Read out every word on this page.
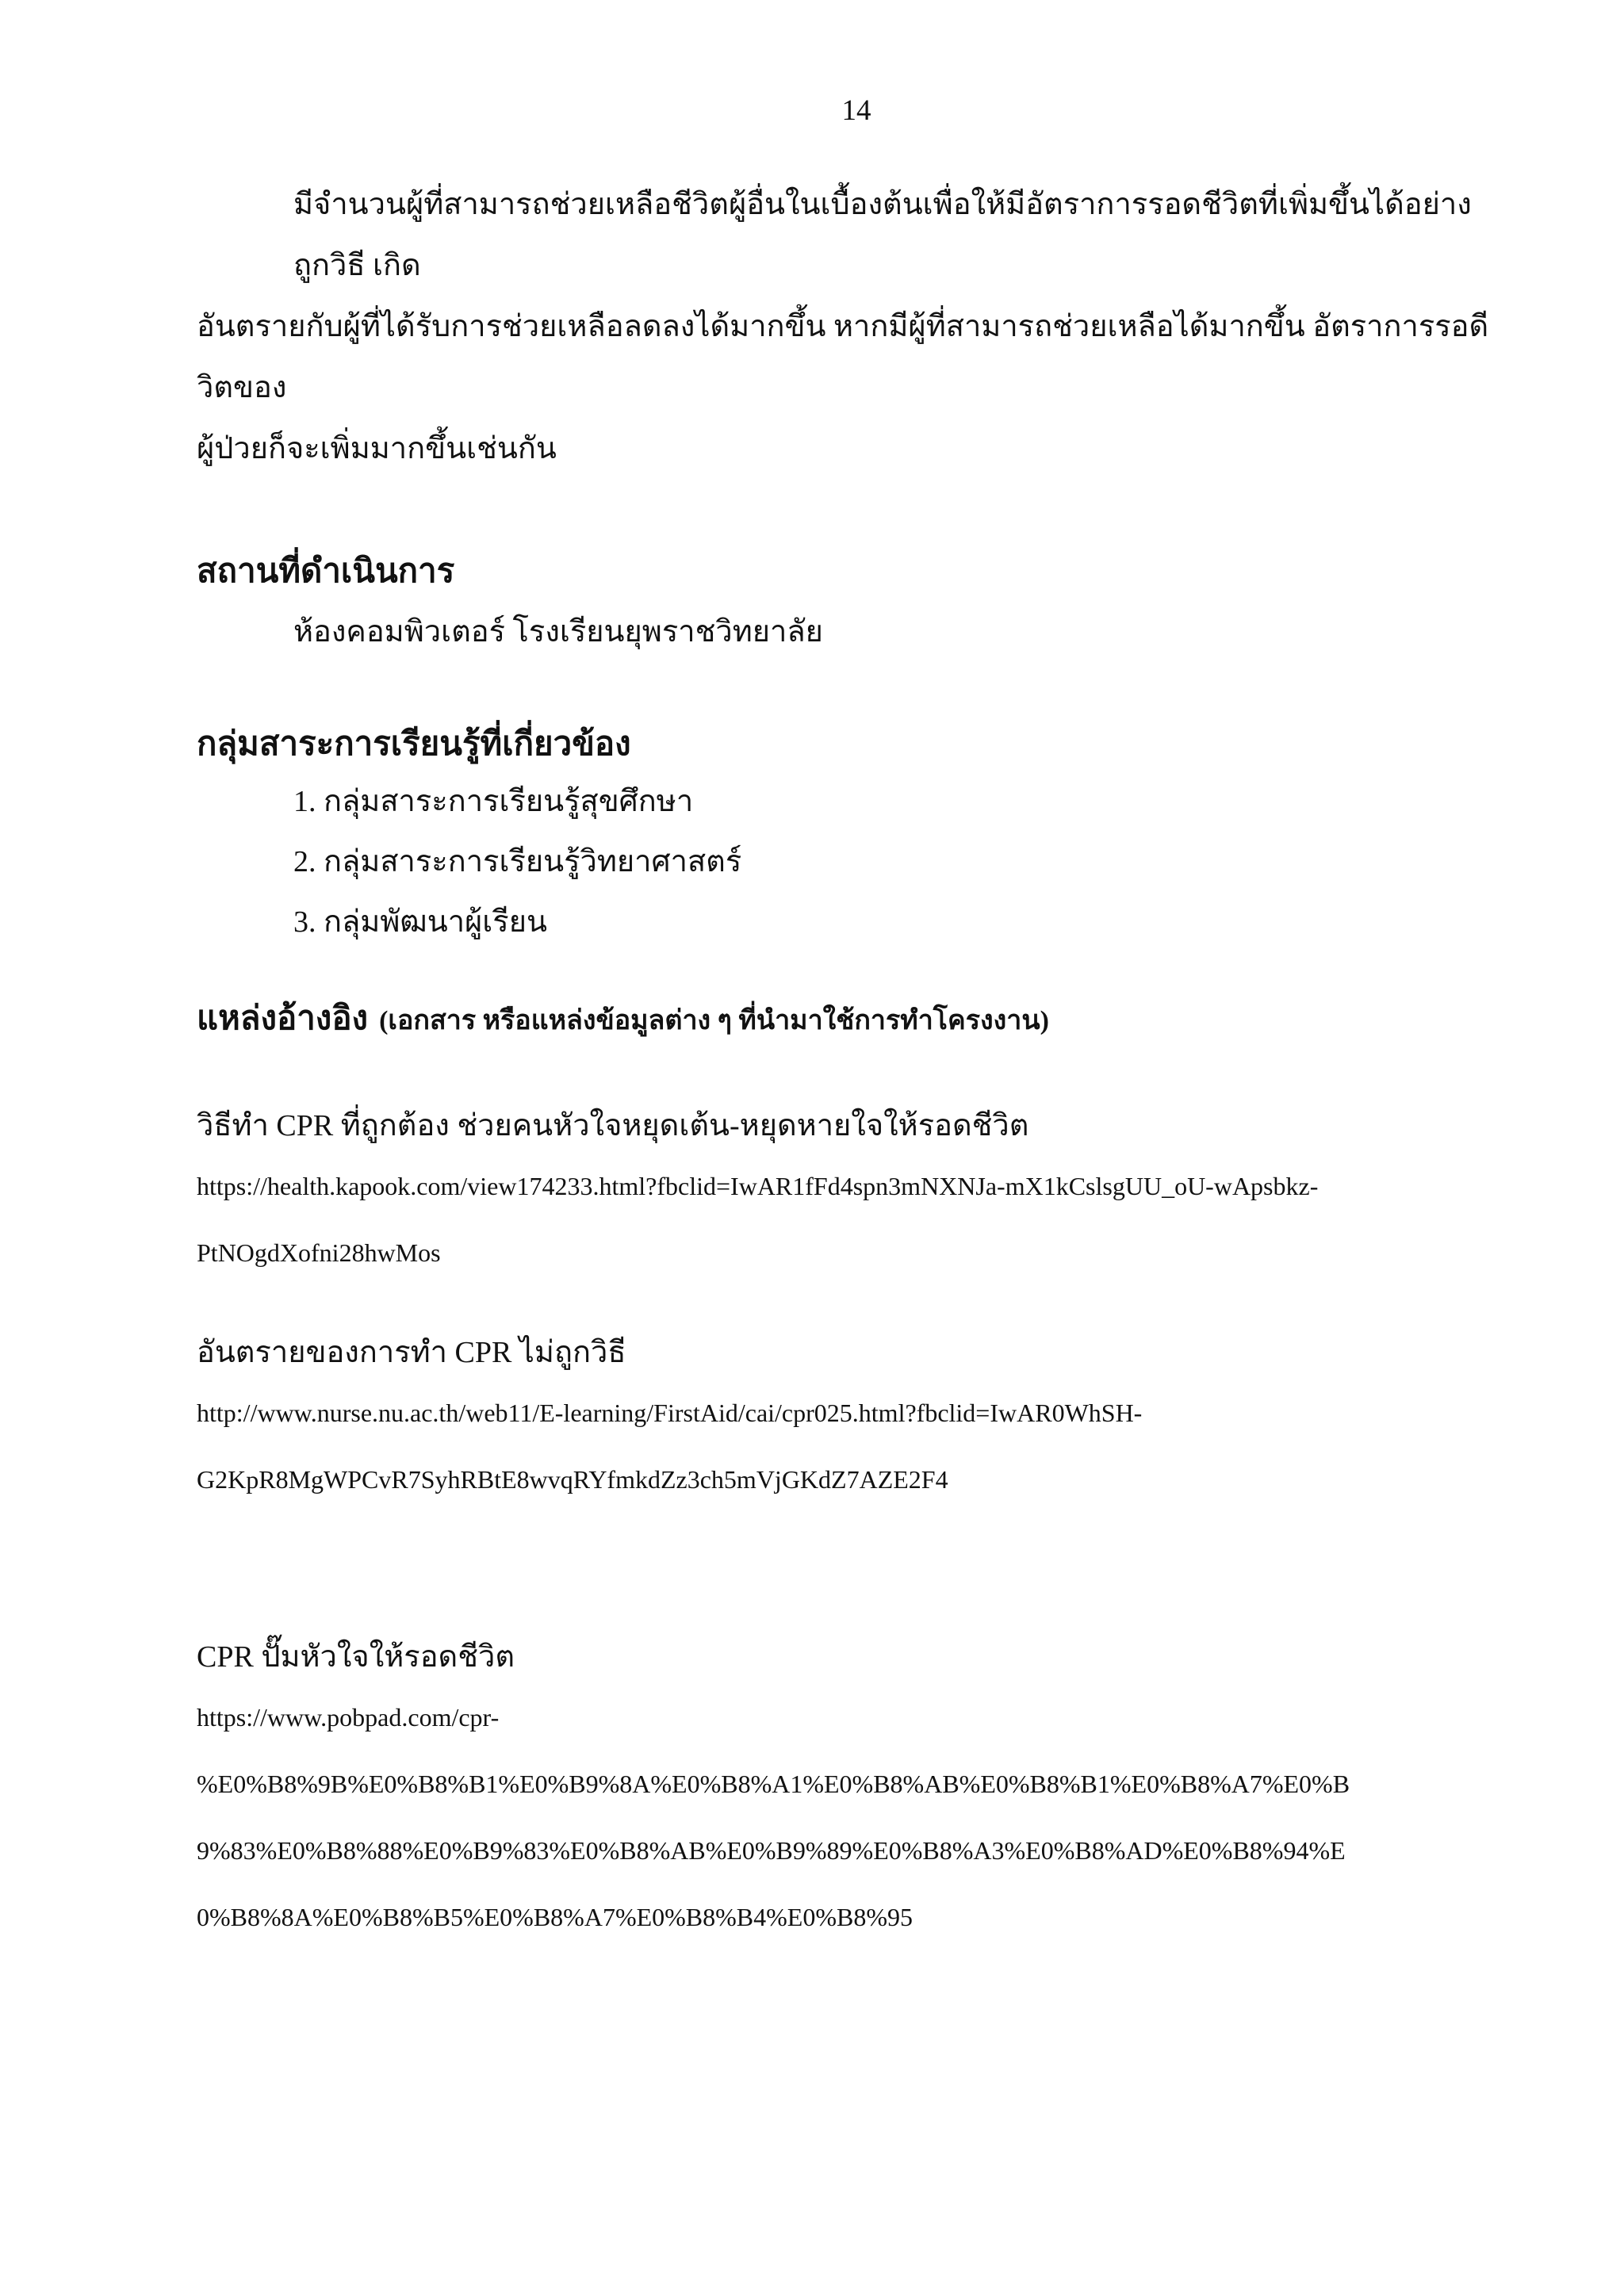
14

มีจำนวนผู้ที่สามารถช่วยเหลือชีวิตผู้อื่นในเบื้องต้นเพื่อให้มีอัตราการรอดชีวิตที่เพิ่มขึ้นได้อย่างถูกวิธี เกิด
อันตรายกับผู้ที่ได้รับการช่วยเหลือลดลงได้มากขึ้น หากมีผู้ที่สามารถช่วยเหลือได้มากขึ้น อัตราการรอดีวิตของ
ผู้ป่วยก็จะเพิ่มมากขึ้นเช่นกัน

สถานที่ดำเนินการ

ห้องคอมพิวเตอร์ โรงเรียนยุพราชวิทยาลัย

กลุ่มสาระการเรียนรู้ที่เกี่ยวข้อง
1. กลุ่มสาระการเรียนรู้สุขศึกษา
2. กลุ่มสาระการเรียนรู้วิทยาศาสตร์
3. กลุ่มพัฒนาผู้เรียน
แหล่งอ้างอิง (เอกสาร หรือแหล่งข้อมูลต่าง ๆ ที่นำมาใช้การทำโครงงาน)

วิธีทำ CPR ที่ถูกต้อง ช่วยคนหัวใจหยุดเต้น-หยุดหายใจให้รอดชีวิต

https://health.kapook.com/view174233.html?fbclid=IwAR1fFd4spn3mNXNJa-mX1kCslsgUU_oU-wApsbkz-
PtNOgdXofni28hwMos

อันตรายของการทำ CPR ไม่ถูกวิธี

http://www.nurse.nu.ac.th/web11/E-learning/FirstAid/cai/cpr025.html?fbclid=IwAR0WhSH-
G2KpR8MgWPCvR7SyhRBtE8wvqRYfmkdZz3ch5mVjGKdZ7AZE2F4

CPR ปั๊มหัวใจให้รอดชีวิต

https://www.pobpad.com/cpr-
%E0%B8%9B%E0%B8%B1%E0%B9%8A%E0%B8%A1%E0%B8%AB%E0%B8%B1%E0%B8%A7%E0%B
9%83%E0%B8%88%E0%B9%83%E0%B8%AB%E0%B9%89%E0%B8%A3%E0%B8%AD%E0%B8%94%E
0%B8%8A%E0%B8%B5%E0%B8%A7%E0%B8%B4%E0%B8%95
